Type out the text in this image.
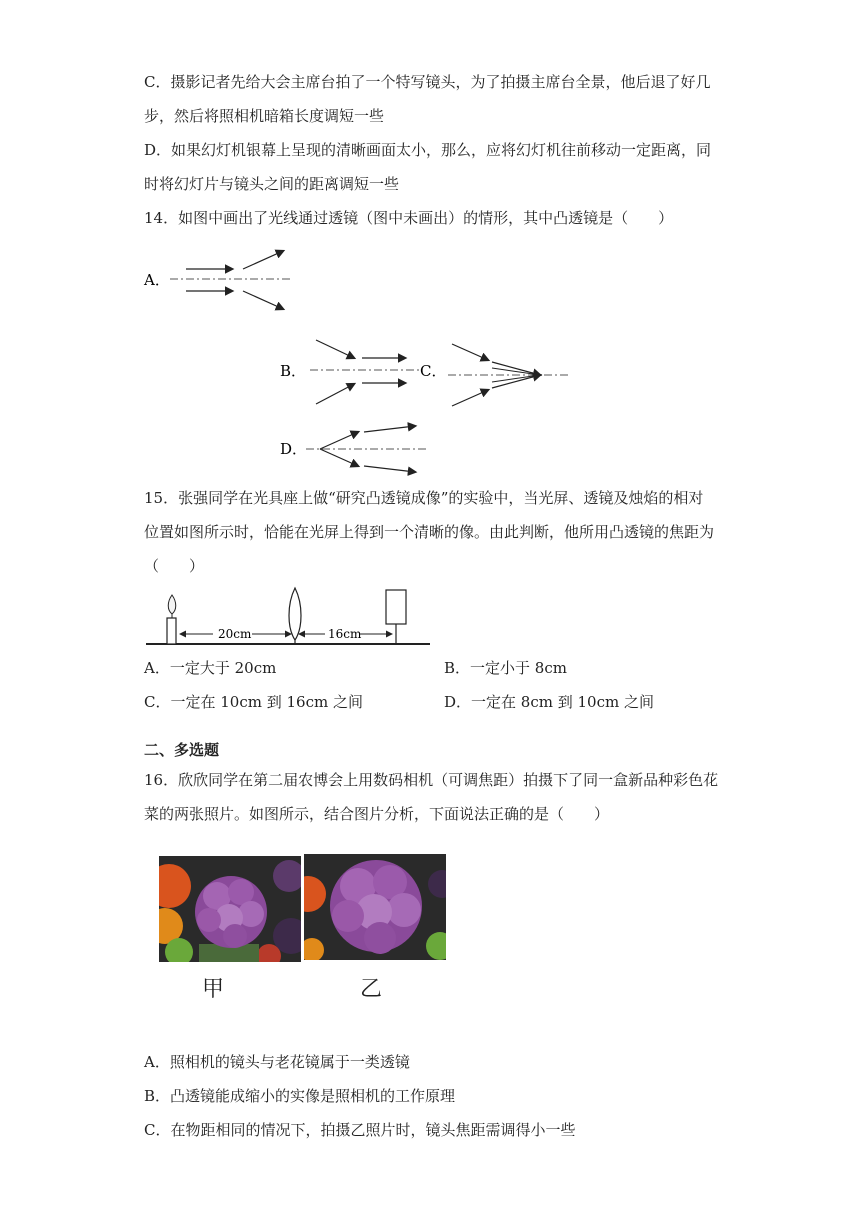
C．摄影记者先给大会主席台拍了一个特写镜头，为了拍摄主席台全景，他后退了好几
步，然后将照相机暗箱长度调短一些
D．如果幻灯机银幕上呈现的清晰画面太小，那么，应将幻灯机往前移动一定距离，同
时将幻灯片与镜头之间的距离调短一些
14．如图中画出了光线通过透镜（图中未画出）的情形，其中凸透镜是（　　）
A．
B．	C．
D．
15．张强同学在光具座上做“研究凸透镜成像”的实验中，当光屏、透镜及烛焰的相对
位置如图所示时，恰能在光屏上得到一个清晰的像。由此判断，他所用凸透镜的焦距为
（　　）
20cm	16cm
A．一定大于 20cm	B．一定小于 8cm
C．一定在 10cm 到 16cm 之间	D．一定在 8cm 到 10cm 之间
二、多选题
16．欣欣同学在第二届农博会上用数码相机（可调焦距）拍摄下了同一盒新品种彩色花
菜的两张照片。如图所示，结合图片分析，下面说法正确的是（　　）
甲	乙
A．照相机的镜头与老花镜属于一类透镜
B．凸透镜能成缩小的实像是照相机的工作原理
C．在物距相同的情况下，拍摄乙照片时，镜头焦距需调得小一些
